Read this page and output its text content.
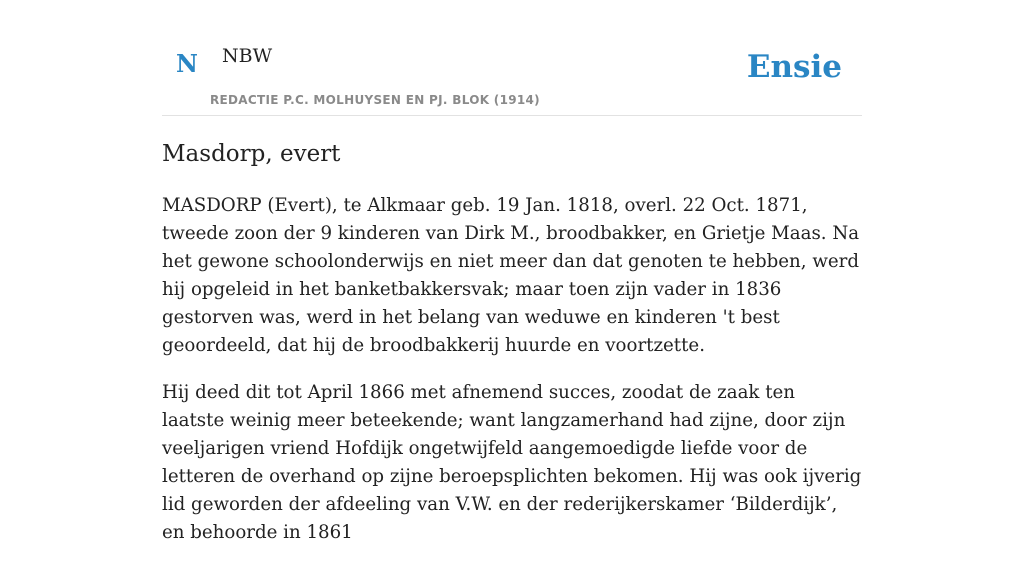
N NBW
REDACTIE P.C. MOLHUYSEN EN PJ. BLOK (1914)
Ensie
Masdorp, evert

MASDORP (Evert), te Alkmaar geb. 19 Jan. 1818, overl. 22 Oct. 1871, tweede zoon der 9 kinderen van Dirk M., broodbakker, en Grietje Maas. Na het gewone schoolonderwijs en niet meer dan dat genoten te hebben, werd hij opgeleid in het banketbakkersvak; maar toen zijn vader in 1836 gestorven was, werd in het belang van weduwe en kinderen 't best geoordeeld, dat hij de broodbakkerij huurde en voortzette.

Hij deed dit tot April 1866 met afnemend succes, zoodat de zaak ten laatste weinig meer beteekende; want langzamerhand had zijne, door zijn veeljarigen vriend Hofdijk ongetwijfeld aangemoedigde liefde voor de letteren de overhand op zijne beroepsplichten bekomen. Hij was ook ijverig lid geworden der afdeeling van V.W. en der rederijkerskamer ‘Bilderdijk’, en behoorde in 1861
